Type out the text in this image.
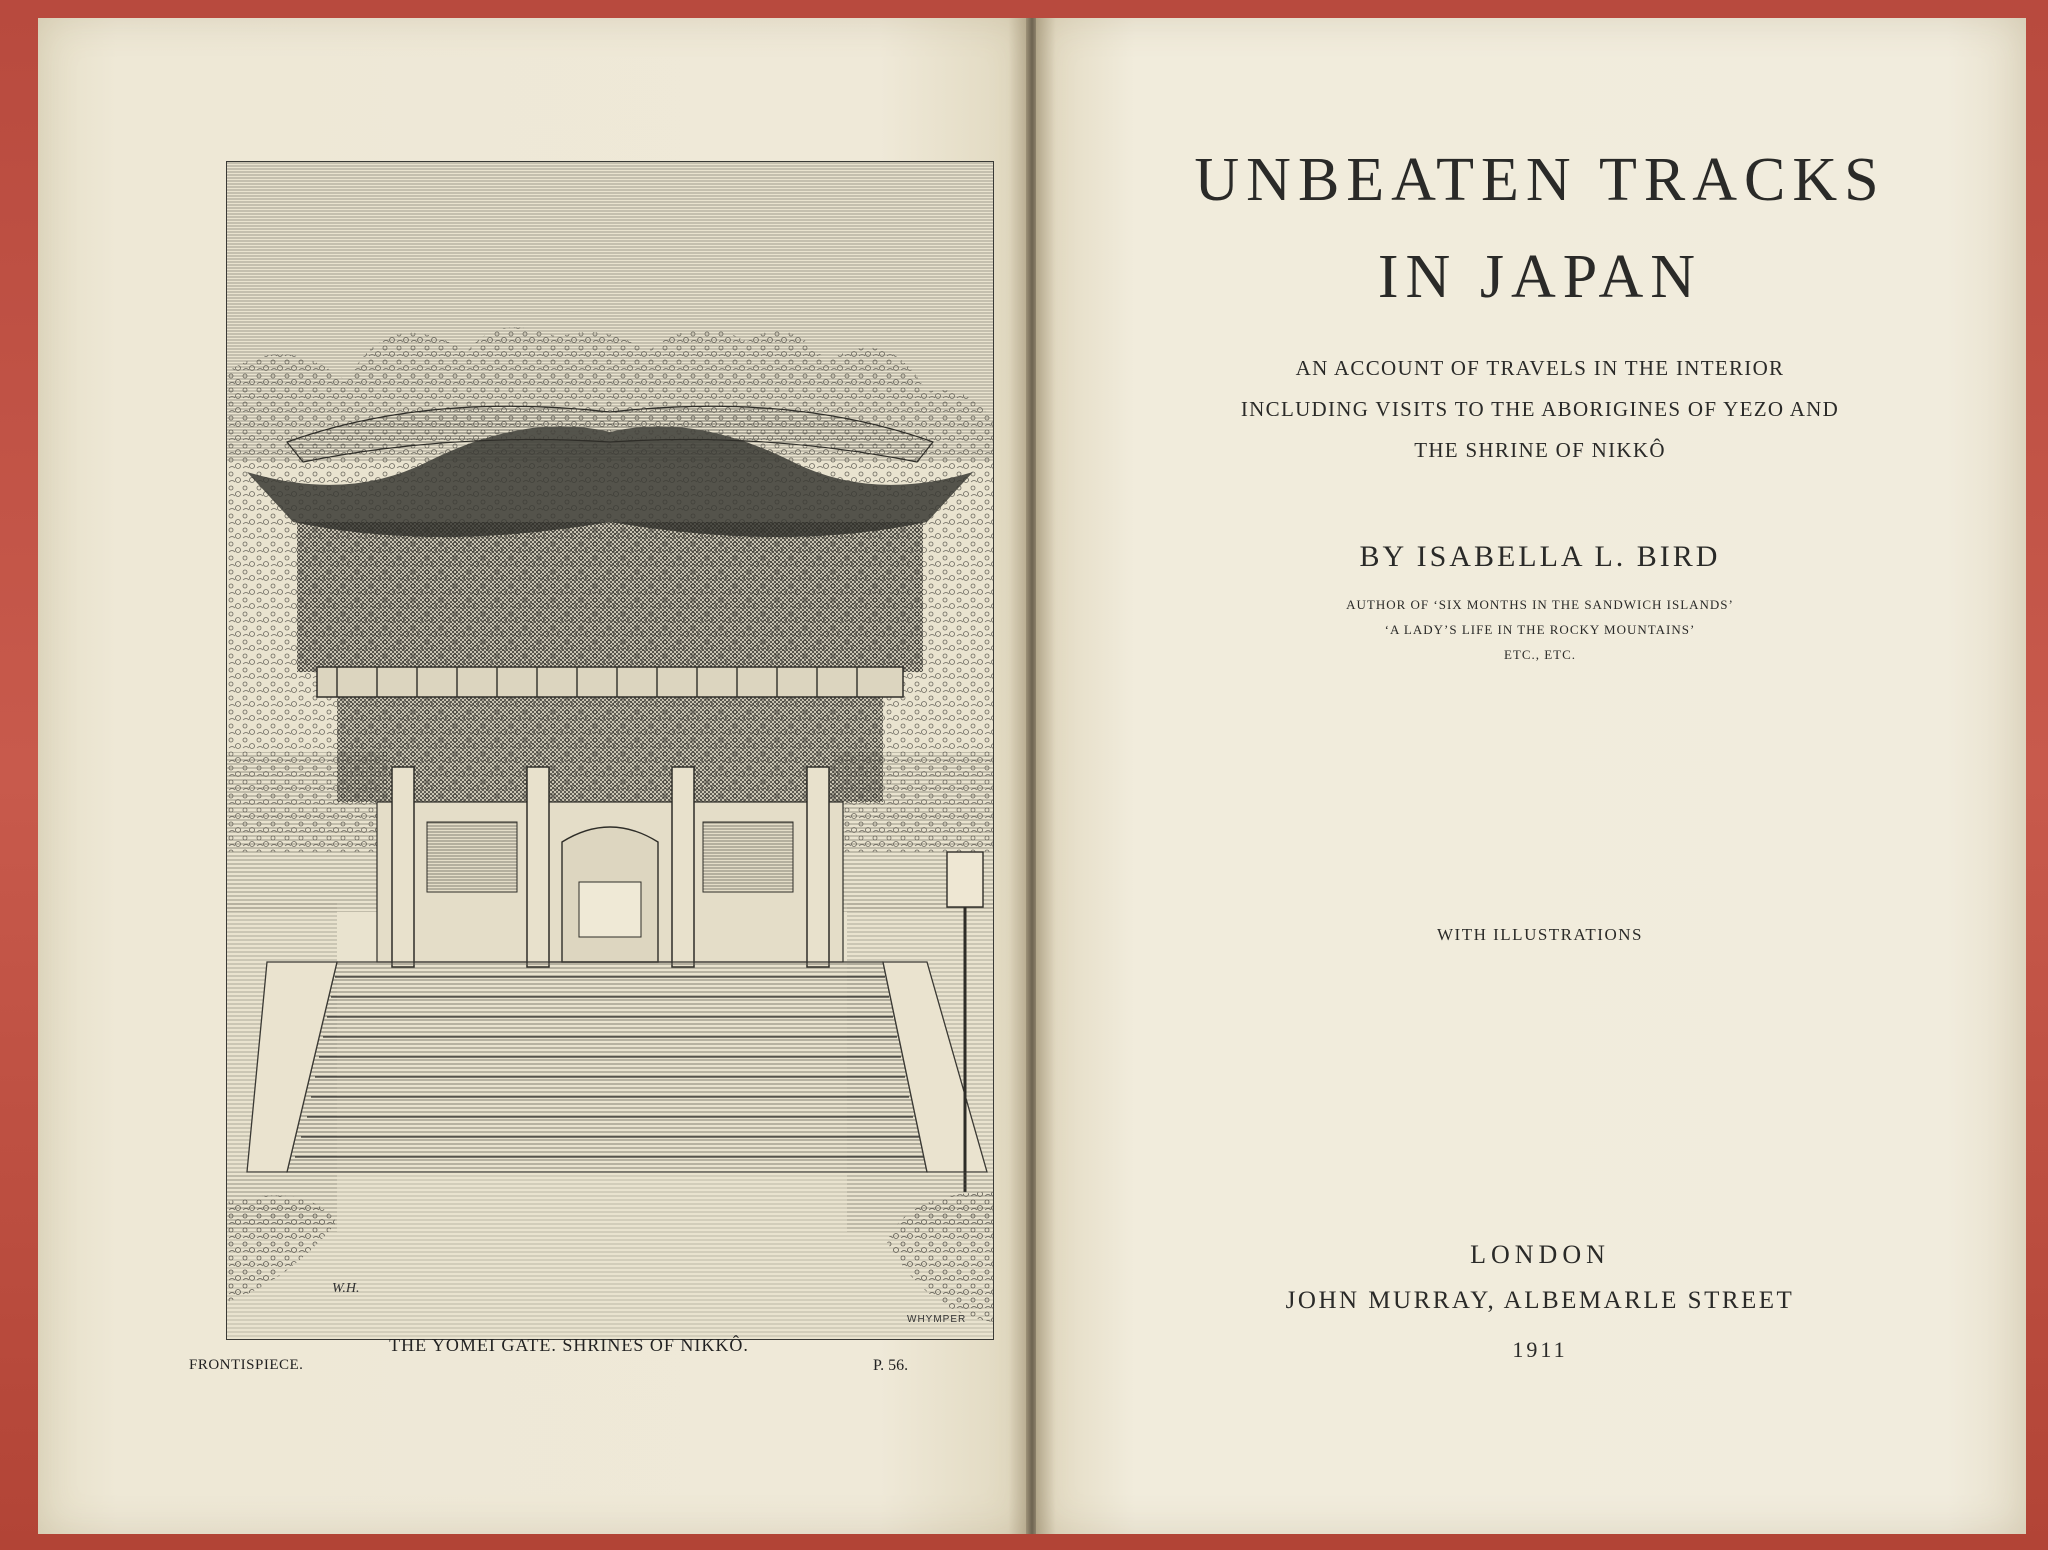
W.H.
WHYMPER
THE YOMEI GATE. SHRINES OF NIKKÔ.
FRONTISPIECE.	P. 56.
UNBEATEN TRACKS
IN JAPAN
AN ACCOUNT OF TRAVELS IN THE INTERIOR
INCLUDING VISITS TO THE ABORIGINES OF YEZO AND
THE SHRINE OF NIKKÔ
BY ISABELLA L. BIRD
AUTHOR OF ‘SIX MONTHS IN THE SANDWICH ISLANDS’
‘A LADY’S LIFE IN THE ROCKY MOUNTAINS’
ETC., ETC.
WITH ILLUSTRATIONS
LONDON
JOHN MURRAY, ALBEMARLE STREET
1911
